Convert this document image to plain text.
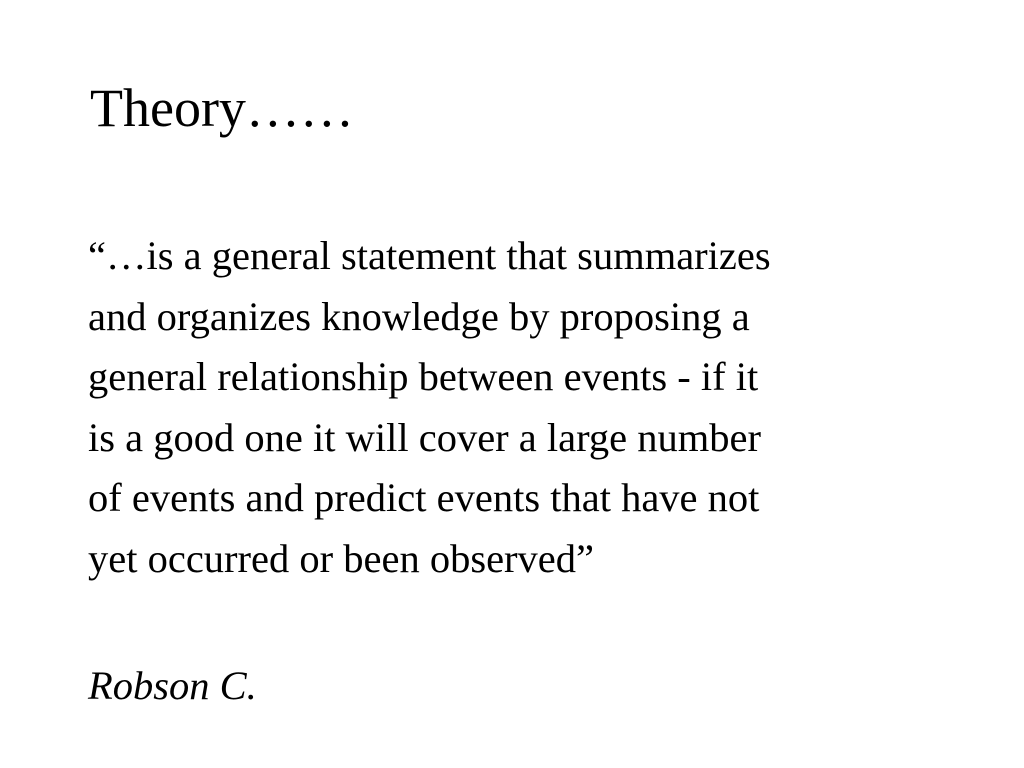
Theory……
“…is a general statement that summarizes
and organizes knowledge by proposing a
general relationship between events - if it
is a good one it will cover a large number
of events and predict events that have not
yet occurred or been observed”

Robson C.
